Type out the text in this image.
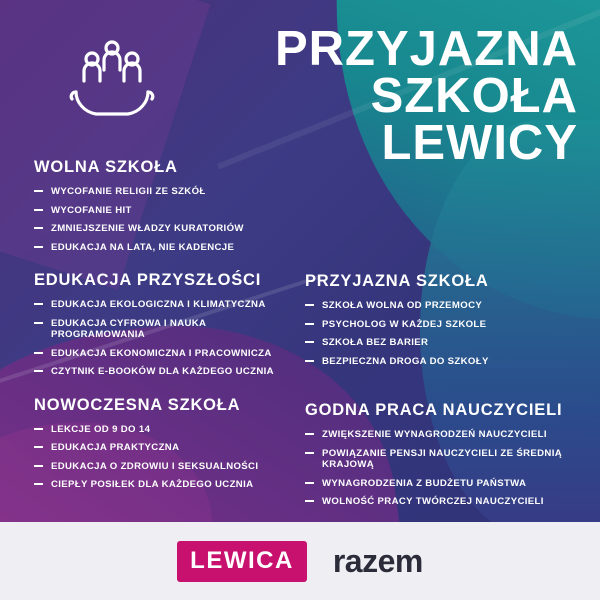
PRZYJAZNA
SZKOŁA
LEWICY
WOLNA SZKOŁA
WYCOFANIE RELIGII ZE SZKÓŁ
WYCOFANIE HIT
ZMNIEJSZENIE WŁADZY KURATORIÓW
EDUKACJA NA LATA, NIE KADENCJE
EDUKACJA PRZYSZŁOŚCI
EDUKACJA EKOLOGICZNA I KLIMATYCZNA
EDUKACJA CYFROWA I NAUKA PROGRAMOWANIA
EDUKACJA EKONOMICZNA I PRACOWNICZA
CZYTNIK E-BOOKÓW DLA KAŻDEGO UCZNIA
NOWOCZESNA SZKOŁA
LEKCJE OD 9 DO 14
EDUKACJA PRAKTYCZNA
EDUKACJA O ZDROWIU I SEKSUALNOŚCI
CIEPŁY POSIŁEK DLA KAŻDEGO UCZNIA
PRZYJAZNA SZKOŁA
SZKOŁA WOLNA OD PRZEMOCY
PSYCHOLOG W KAŻDEJ SZKOLE
SZKOŁA BEZ BARIER
BEZPIECZNA DROGA DO SZKOŁY
GODNA PRACA NAUCZYCIELI
ZWIĘKSZENIE WYNAGRODZEŃ NAUCZYCIELI
POWIĄZANIE PENSJI NAUCZYCIELI ZE ŚREDNIĄ KRAJOWĄ
WYNAGRODZENIA Z BUDŻETU PAŃSTWA
WOLNOŚĆ PRACY TWÓRCZEJ NAUCZYCIELI
LEWICA razem
